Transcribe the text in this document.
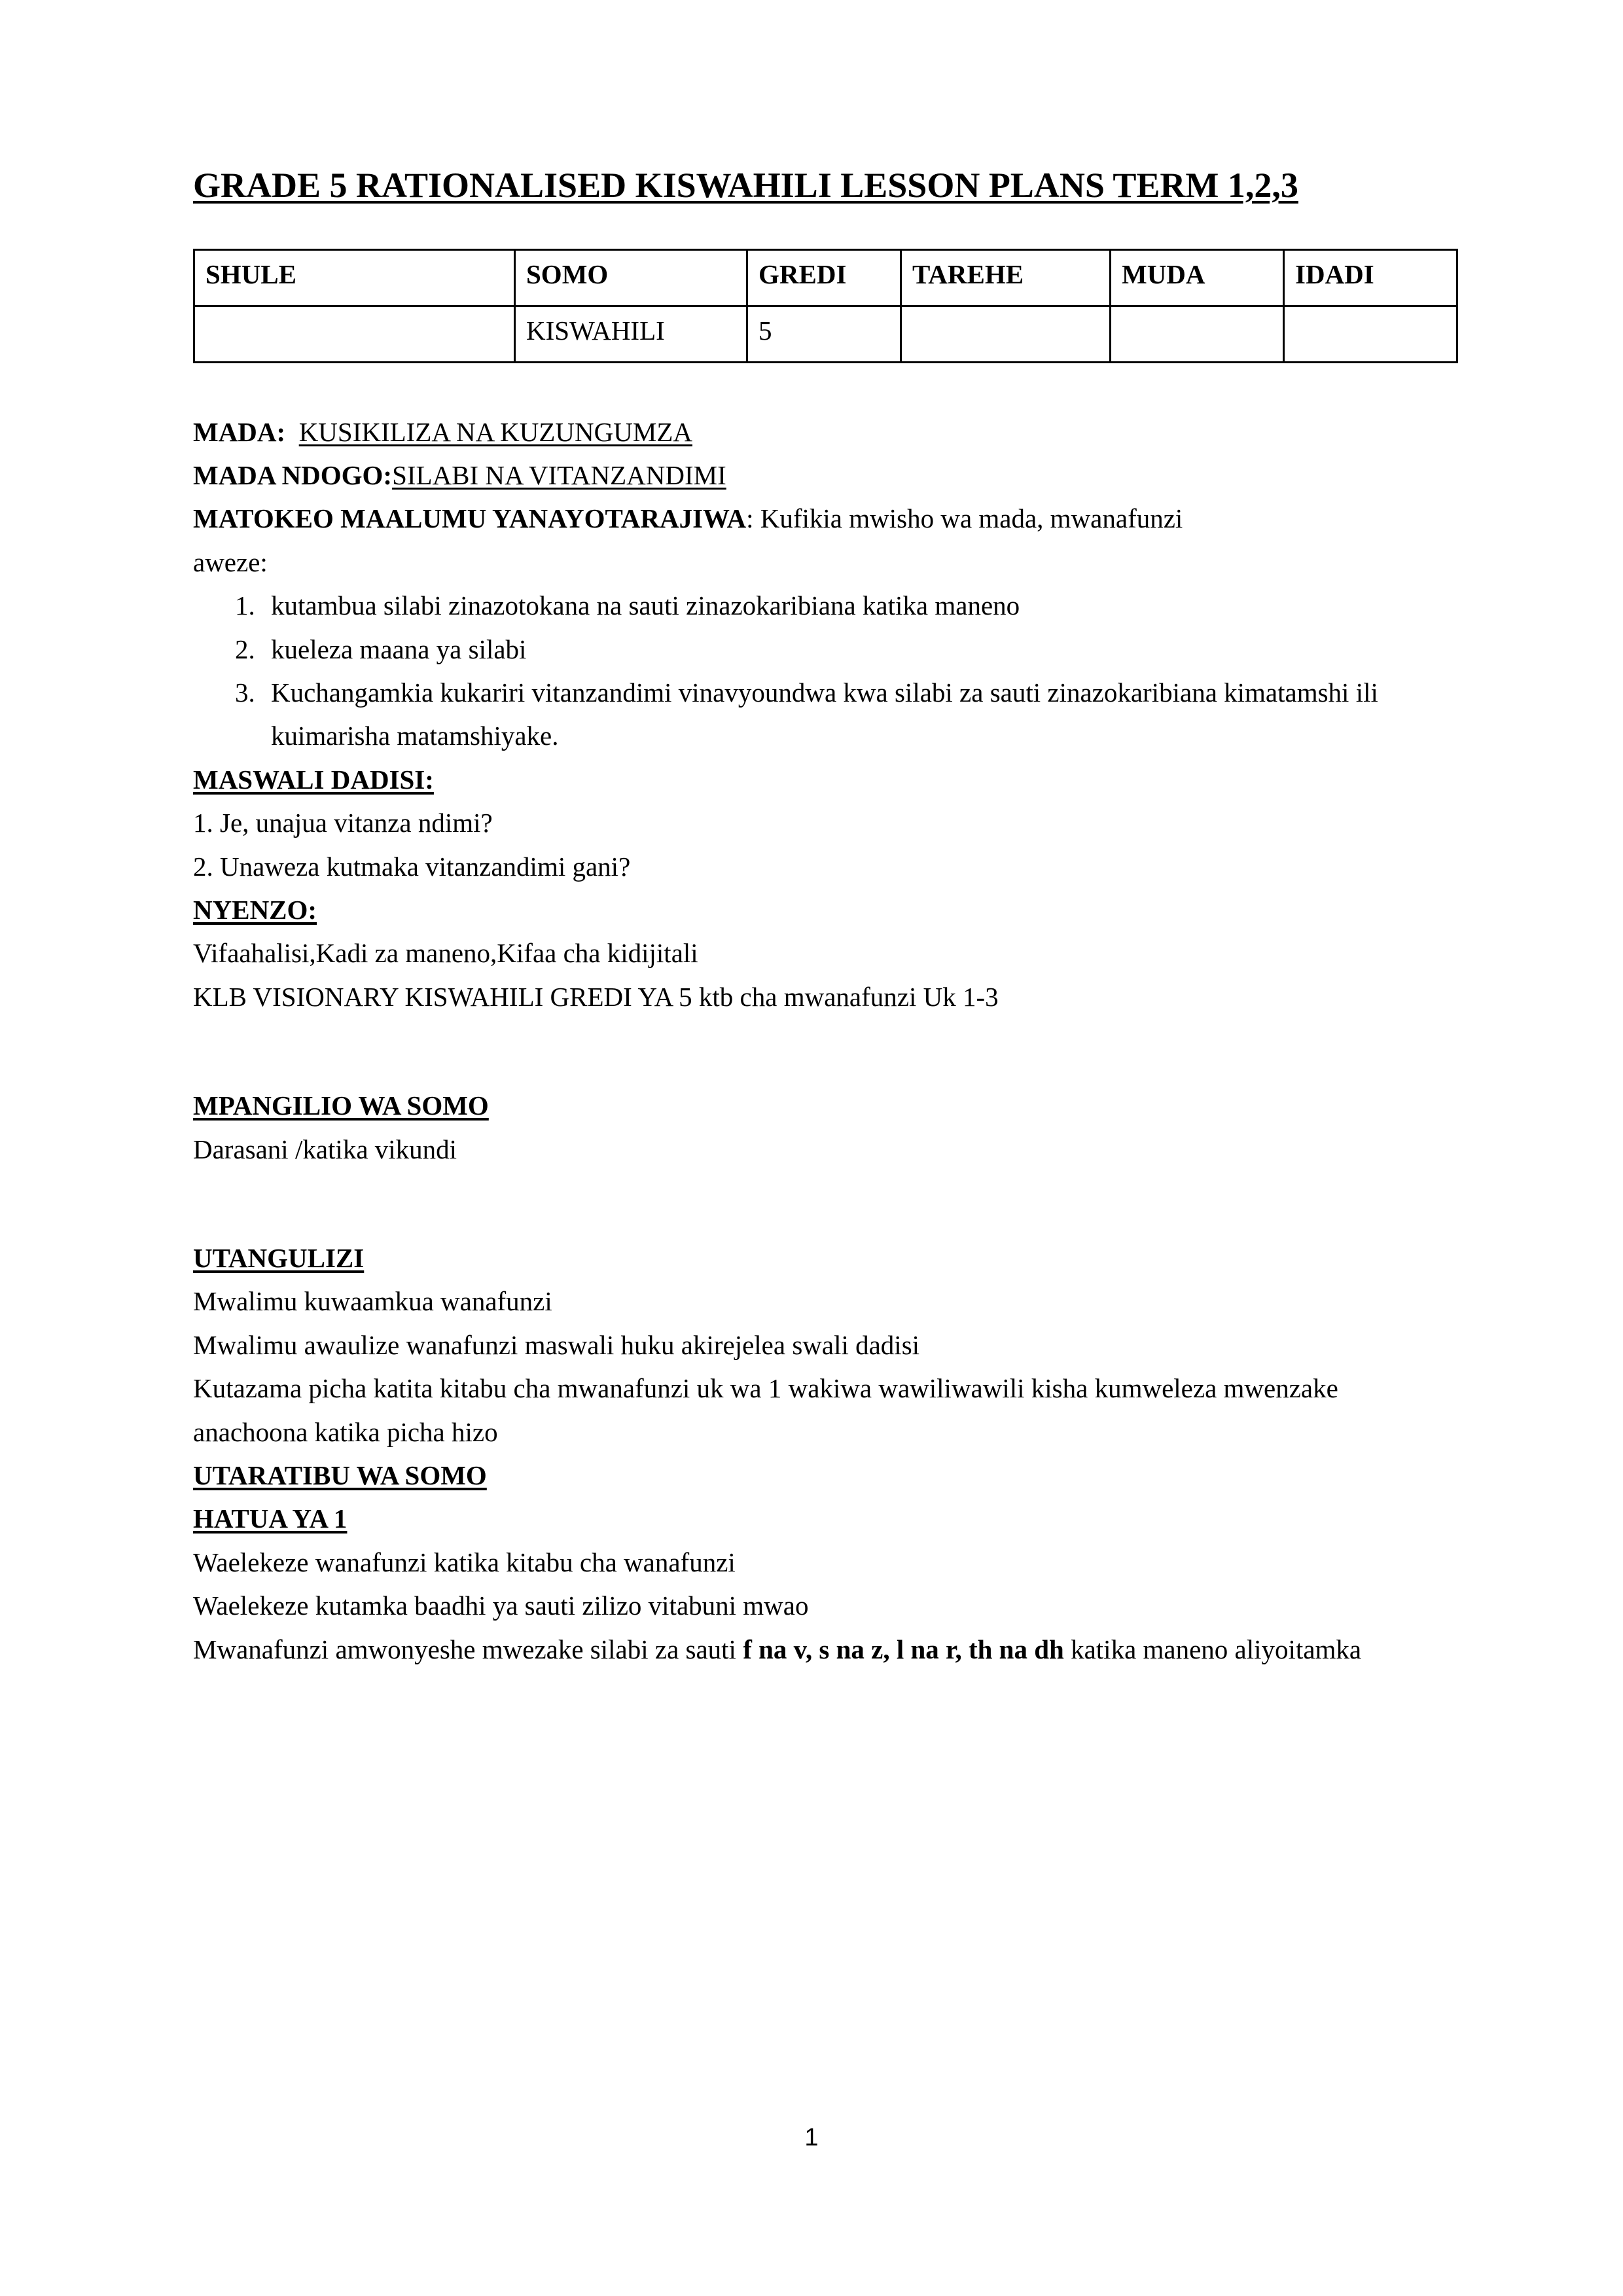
GRADE 5 RATIONALISED KISWAHILI LESSON PLANS TERM 1,2,3
SHULE	SOMO	GREDI	TAREHE	MUDA	IDADI
	KISWAHILI	5			

MADA: KUSIKILIZA NA KUZUNGUMZA

MADA NDOGO:SILABI NA VITANZANDIMI

MATOKEO MAALUMU YANAYOTARAJIWA: Kufikia mwisho wa mada, mwanafunzi

aweze:

1. kutambua silabi zinazotokana na sauti zinazokaribiana katika maneno
2. kueleza maana ya silabi
3. Kuchangamkia kukariri vitanzandimi vinavyoundwa kwa silabi za sauti zinazokaribiana kimatamshi ili kuimarisha matamshiyake.

MASWALI DADISI:

1. Je, unajua vitanza ndimi?

2. Unaweza kutmaka vitanzandimi gani?

NYENZO:

Vifaahalisi,Kadi za maneno,Kifaa cha kidijitali

KLB VISIONARY KISWAHILI GREDI YA 5 ktb cha mwanafunzi Uk 1-3

MPANGILIO WA SOMO

Darasani /katika vikundi

UTANGULIZI

Mwalimu kuwaamkua wanafunzi

Mwalimu awaulize wanafunzi maswali huku akirejelea swali dadisi

Kutazama picha katita kitabu cha mwanafunzi uk wa 1 wakiwa wawiliwawili kisha kumweleza mwenzake anachoona katika picha hizo

UTARATIBU WA SOMO

HATUA YA 1

Waelekeze wanafunzi katika kitabu cha wanafunzi

Waelekeze kutamka baadhi ya sauti zilizo vitabuni mwao

Mwanafunzi amwonyeshe mwezake silabi za sauti f na v, s na z, l na r, th na dh katika maneno aliyoitamka

1
